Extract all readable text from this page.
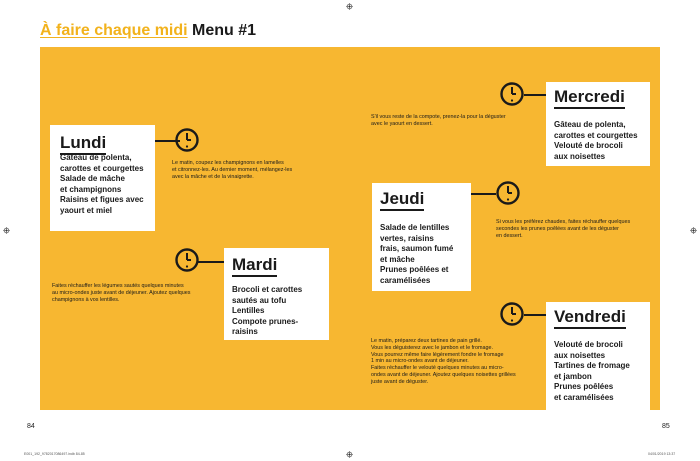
À faire chaque midi Menu #1
Lundi
Gâteau de polenta,
carottes et courgettes
Salade de mâche
et champignons
Raisins et figues avec
yaourt et miel
Mardi
Brocoli et carottes
sautés au tofu
Lentilles
Compote prunes-
raisins
Mercredi
Gâteau de polenta,
carottes et courgettes
Velouté de brocoli
aux noisettes
Jeudi
Salade de lentilles
vertes, raisins
frais, saumon fumé
et mâche
Prunes poêlées et
caramélisées
Vendredi
Velouté de brocoli
aux noisettes
Tartines de fromage
et jambon
Prunes poêlées
et caramélisées
Le matin, coupez les champignons en lamelles
et citronnez-les. Au dernier moment, mélangez-les
avec la mâche et de la vinaigrette.
Faites réchauffer les légumes sautés quelques minutes
au micro-ondes juste avant de déjeuner. Ajoutez quelques
champignons à vos lentilles.
S'il vous reste de la compote, prenez-la pour la déguster
avec le yaourt en dessert.
Si vous les préférez chaudes, faites réchauffer quelques
secondes les prunes poêlées avant de les déguster
en dessert.
Le matin, préparez deux tartines de pain grillé.
Vous les déguisterez avec le jambon et le fromage.
Vous pourrez même faire légèrement fondre le fromage
1 min au micro-ondes avant de déjeuner.
Faites réchauffer le velouté quelques minutes au micro-
ondes avant de déjeuner. Ajoutez quelques noisettes grillées
juste avant de déguster.
84	85
E001_192_9782017086497.indb 84-85	04/01/2019 13:37
